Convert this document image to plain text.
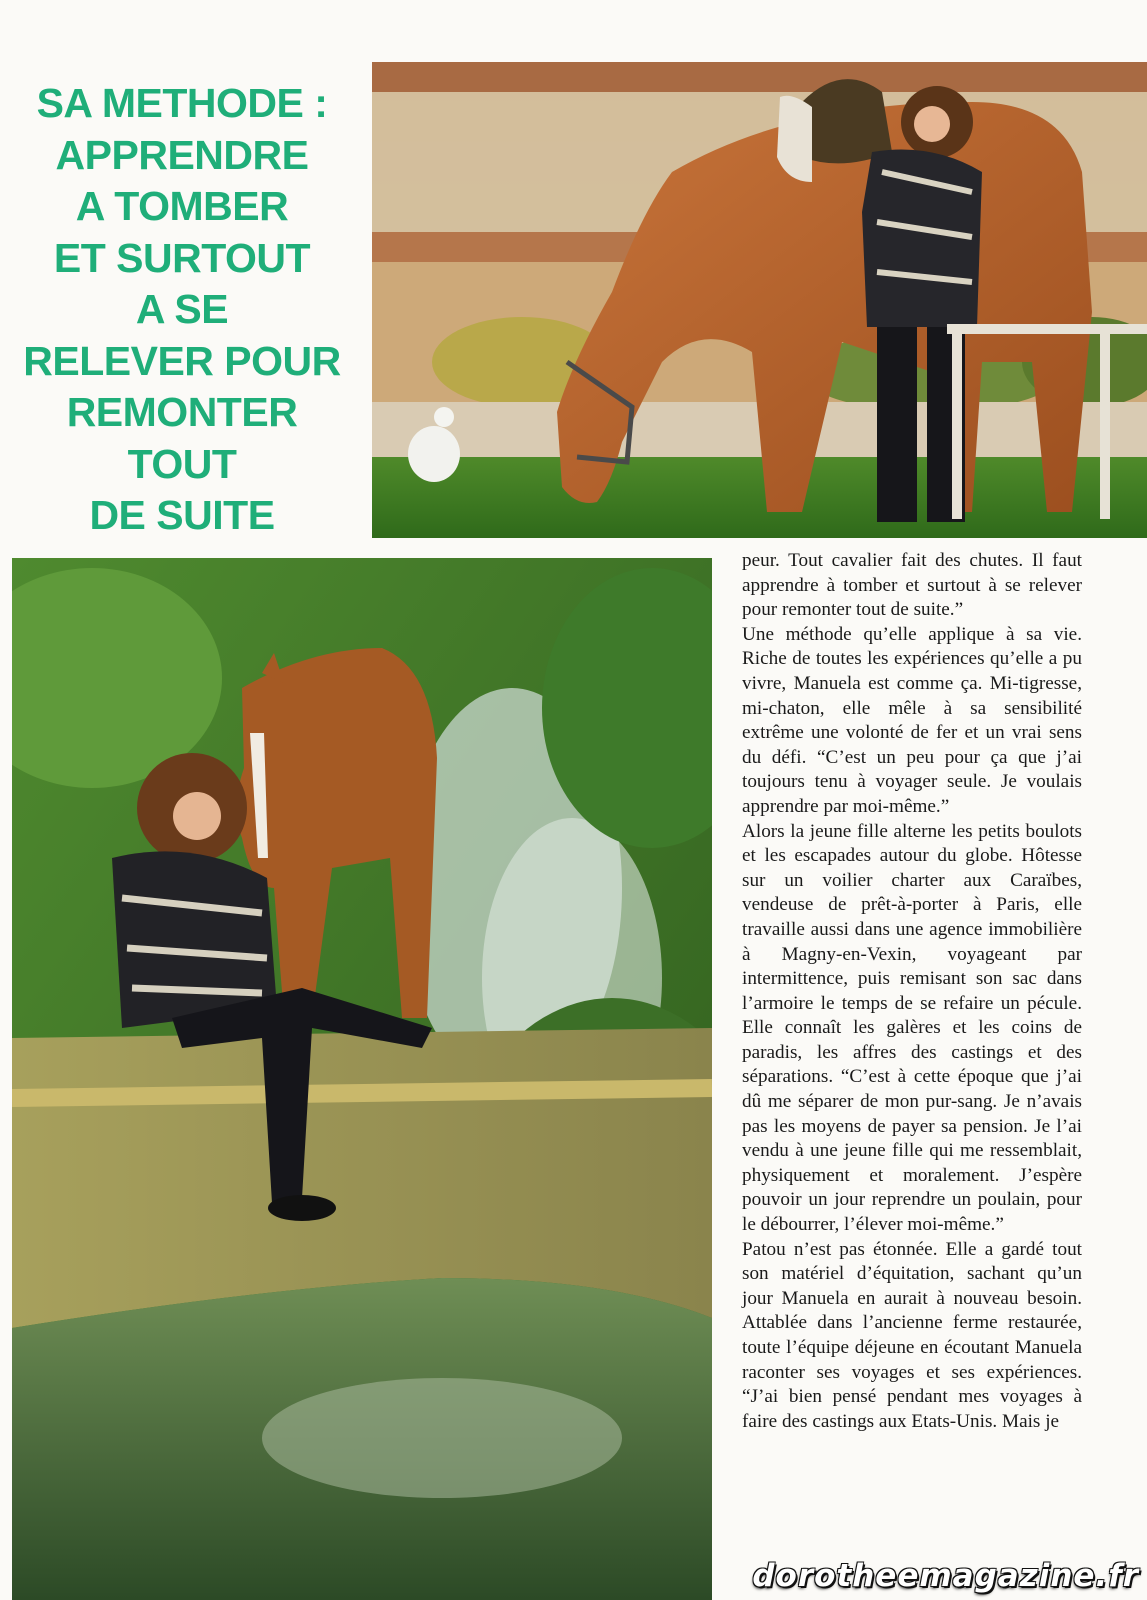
SA METHODE :
APPRENDRE
A TOMBER
ET SURTOUT
A SE
RELEVER POUR
REMONTER
TOUT
DE SUITE

peur. Tout cavalier fait des chutes. Il faut apprendre à tomber et surtout à se relever pour remonter tout de suite.”

Une méthode qu’elle applique à sa vie. Riche de toutes les expériences qu’elle a pu vivre, Manuela est comme ça. Mi-tigresse, mi-chaton, elle mêle à sa sensibilité extrême une volonté de fer et un vrai sens du défi. “C’est un peu pour ça que j’ai toujours tenu à voyager seule. Je voulais apprendre par moi-même.”

Alors la jeune fille alterne les petits boulots et les escapades autour du globe. Hôtesse sur un voilier charter aux Caraïbes, vendeuse de prêt-à-porter à Paris, elle travaille aussi dans une agence immobilière à Magny-en-Vexin, voyageant par intermittence, puis remisant son sac dans l’armoire le temps de se refaire un pécule. Elle connaît les galères et les coins de paradis, les affres des castings et des séparations. “C’est à cette époque que j’ai dû me séparer de mon pur-sang. Je n’avais pas les moyens de payer sa pension. Je l’ai vendu à une jeune fille qui me ressemblait, physiquement et moralement. J’espère pouvoir un jour reprendre un poulain, pour le débourrer, l’élever moi-même.”

Patou n’est pas étonnée. Elle a gardé tout son matériel d’équitation, sachant qu’un jour Manuela en aurait à nouveau besoin. Attablée dans l’ancienne ferme restaurée, toute l’équipe déjeune en écoutant Manuela raconter ses voyages et ses expériences. “J’ai bien pensé pendant mes voyages à faire des castings aux Etats-Unis. Mais je

dorotheemagazine.fr
